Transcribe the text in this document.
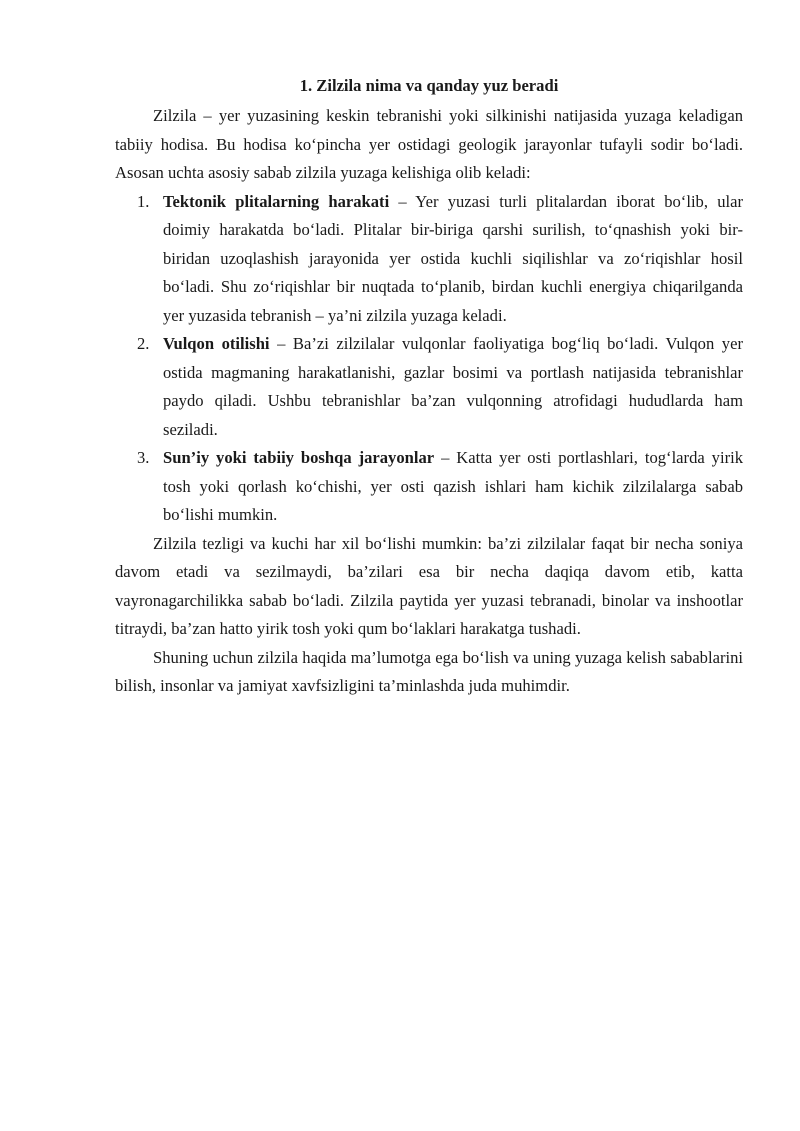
1. Zilzila nima va qanday yuz beradi

Zilzila – yer yuzasining keskin tebranishi yoki silkinishi natijasida yuzaga keladigan tabiiy hodisa. Bu hodisa koʻpincha yer ostidagi geologik jarayonlar tufayli sodir boʻladi. Asosan uchta asosiy sabab zilzila yuzaga kelishiga olib keladi:

1. Tektonik plitalarning harakati – Yer yuzasi turli plitalardan iborat boʻlib, ular doimiy harakatda boʻladi. Plitalar bir-biriga qarshi surilish, toʻqnashish yoki bir-biridan uzoqlashish jarayonida yer ostida kuchli siqilishlar va zoʻriqishlar hosil boʻladi. Shu zoʻriqishlar bir nuqtada toʻplanib, birdan kuchli energiya chiqarilganda yer yuzasida tebranish – ya’ni zilzila yuzaga keladi.
2. Vulqon otilishi – Ba’zi zilzilalar vulqonlar faoliyatiga bogʻliq boʻladi. Vulqon yer ostida magmaning harakatlanishi, gazlar bosimi va portlash natijasida tebranishlar paydo qiladi. Ushbu tebranishlar ba’zan vulqonning atrofidagi hududlarda ham seziladi.
3. Sun’iy yoki tabiiy boshqa jarayonlar – Katta yer osti portlashlari, togʻlarda yirik tosh yoki qorlash koʻchishi, yer osti qazish ishlari ham kichik zilzilalarga sabab boʻlishi mumkin.

Zilzila tezligi va kuchi har xil boʻlishi mumkin: ba’zi zilzilalar faqat bir necha soniya davom etadi va sezilmaydi, ba’zilari esa bir necha daqiqa davom etib, katta vayronagarchilikka sabab boʻladi. Zilzila paytida yer yuzasi tebranadi, binolar va inshootlar titraydi, ba’zan hatto yirik tosh yoki qum boʻlaklari harakatga tushadi.

Shuning uchun zilzila haqida ma’lumotga ega boʻlish va uning yuzaga kelish sabablarini bilish, insonlar va jamiyat xavfsizligini ta’minlashda juda muhimdir.
